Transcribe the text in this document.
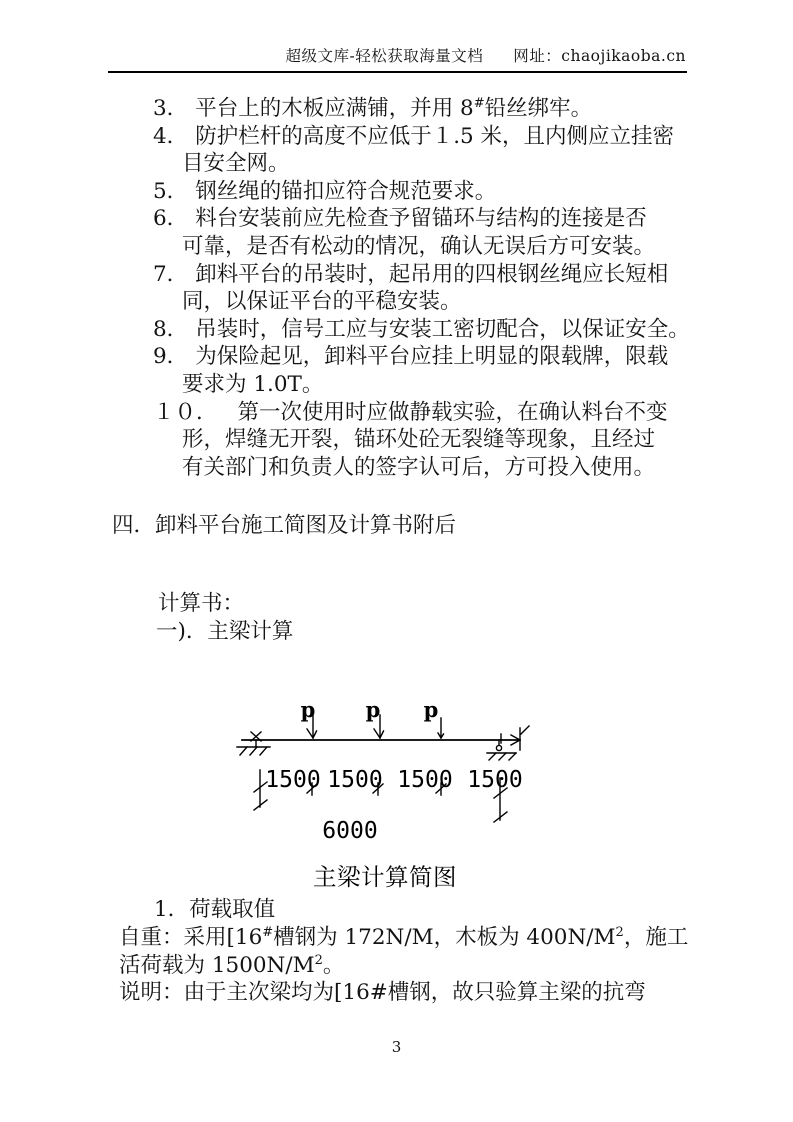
超级文库-轻松获取海量文档 网址：chaojikaoba.cn
3． 平台上的木板应满铺，并用 8#铅丝绑牢。
4． 防护栏杆的高度不应低于１.5 米，且内侧应立挂密
目安全网。
5． 钢丝绳的锚扣应符合规范要求。
6． 料台安装前应先检查予留锚环与结构的连接是否
可靠，是否有松动的情况，确认无误后方可安装。
7． 卸料平台的吊装时，起吊用的四根钢丝绳应长短相
同，以保证平台的平稳安装。
8． 吊装时，信号工应与安装工密切配合，以保证安全。
9． 为保险起见，卸料平台应挂上明显的限载牌，限载
要求为 1.0T。
１０． 第一次使用时应做静载实验，在确认料台不变
形，焊缝无开裂，锚环处砼无裂缝等现象，且经过
有关部门和负责人的签字认可后，方可投入使用。
四．卸料平台施工简图及计算书附后
计算书：
一)．主梁计算
p p p
1500 1500 1500 1500
6000
主梁计算简图
1．荷载取值
自重：采用[16#槽钢为 172N/M，木板为 $400N/M^2$，施工
活荷载为 $1500N/M^2$。
说明：由于主次梁均为[16#槽钢，故只验算主梁的抗弯
3
